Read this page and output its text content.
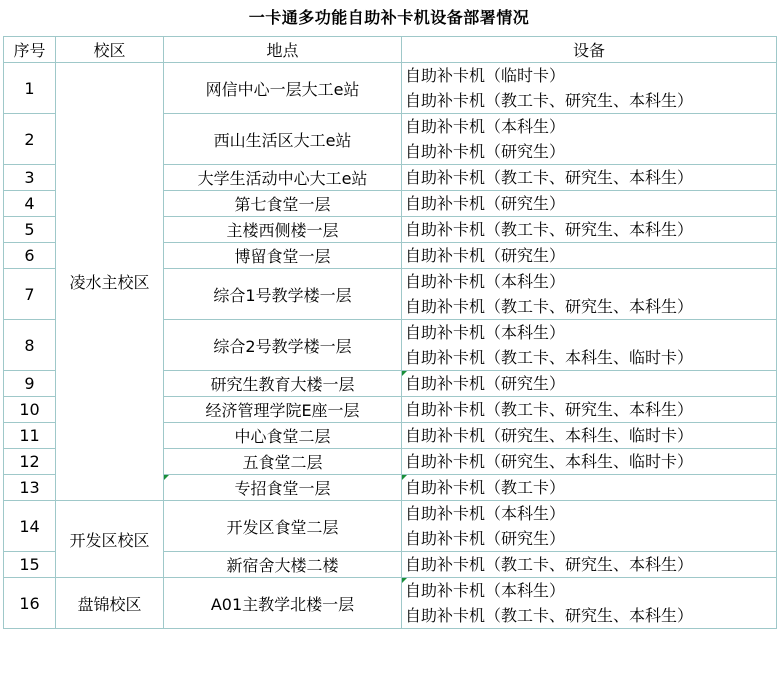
一卡通多功能自助补卡机设备部署情况
序号	校区	地点	设备
1	凌水主校区	网信中心一层大工e站	自助补卡机（临时卡）
自助补卡机（教工卡、研究生、本科生）

2		西山生活区大工e站	自助补卡机（本科生）
自助补卡机（研究生）

3		大学生活动中心大工e站	自助补卡机（教工卡、研究生、本科生）

4		第七食堂一层	自助补卡机（研究生）

5		主楼西侧楼一层	自助补卡机（教工卡、研究生、本科生）

6		博留食堂一层	自助补卡机（研究生）

7		综合1号教学楼一层	自助补卡机（本科生）
自助补卡机（教工卡、研究生、本科生）

8		综合2号教学楼一层	自助补卡机（本科生）
自助补卡机（教工卡、本科生、临时卡）

9		研究生教育大楼一层	自助补卡机（研究生）

10		经济管理学院E座一层	自助补卡机（教工卡、研究生、本科生）

11		中心食堂二层	自助补卡机（研究生、本科生、临时卡）

12		五食堂二层	自助补卡机（研究生、本科生、临时卡）

13		专招食堂一层	自助补卡机（教工卡）

14	开发区校区	开发区食堂二层	自助补卡机（本科生）
自助补卡机（研究生）

15		新宿舍大楼二楼	自助补卡机（教工卡、研究生、本科生）

16	盘锦校区	A01主教学北楼一层	自助补卡机（本科生）
自助补卡机（教工卡、研究生、本科生）
